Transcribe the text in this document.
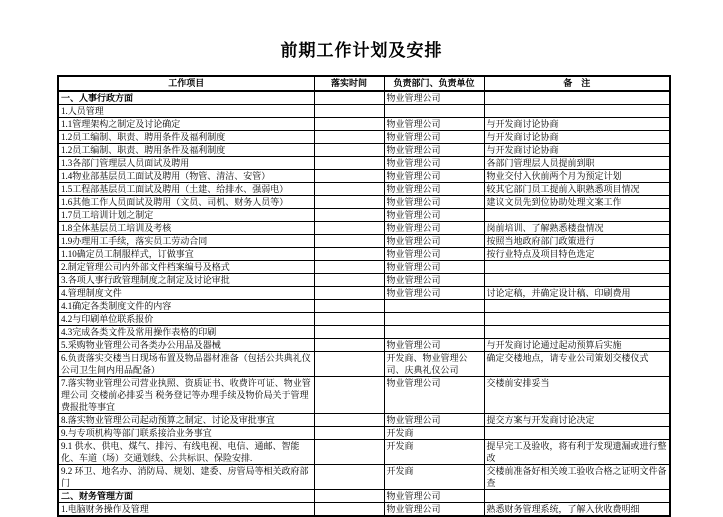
前期工作计划及安排
工作项目	落实时间	负责部门、负责单位	备　注
一、人事行政方面		物业管理公司	
1.人员管理			
1.1管理架构之制定及讨论确定		物业管理公司	与开发商讨论协商
1.2员工编制、职责、聘用条件及福利制度		物业管理公司	与开发商讨论协商
1.2员工编制、职责、聘用条件及福利制度		物业管理公司	与开发商讨论协商
1.3各部门管理层人员面试及聘用		物业管理公司	各部门管理层人员提前到职
1.4物业部基层员工面试及聘用（物管、清洁、安管）		物业管理公司	物业交付入伙前两个月为预定计划
1.5工程部基层员工面试及聘用（土建、给排水、强弱电）		物业管理公司	较其它部门员工提前入职熟悉项目情况
1.6其他工作人员面试及聘用（文员、司机、财务人员等）		物业管理公司	建议文员先到位协助处理文案工作
1.7员工培训计划之制定		物业管理公司	
1.8全体基层员工培训及考核		物业管理公司	岗前培训、了解熟悉楼盘情况
1.9办理用工手续，落实员工劳动合同		物业管理公司	按照当地政府部门政策进行
1.10确定员工制服样式，订做事宜		物业管理公司	按行业特点及项目特色选定
2.制定管理公司内外部文件档案编号及格式		物业管理公司	
3.各项人事行政管理制度之制定及讨论审批		物业管理公司	
4.管理制度文件		物业管理公司	讨论定稿，并确定设计稿、印刷费用
4.1确定各类制度文件的内容			
4.2与印刷单位联系报价			
4.3完成各类文件及常用操作表格的印刷			
5.采购物业管理公司各类办公用品及器械		物业管理公司	与开发商讨论通过起动预算后实施
6.负责落实交楼当日现场布置及物品器材准备（包括公共典礼仪公司卫生间内用品配备）		开发商、物业管理公司、庆典礼仪公司	确定交楼地点，请专业公司策划交楼仪式
7.落实物业管理公司营业执照、资质证书、收费许可证、物业管理公司 交楼前必排妥当 税务登记等办理手续及物价局关于管理费报批等事宜		物业管理公司	交楼前安排妥当
8.落实物业管理公司起动预算之制定、讨论及审批事宜		物业管理公司	提交方案与开发商讨论决定
9.与专项机构等部门联系接洽业务事宜		开发商	
9.1 供水、供电、煤气、排污、有线电视、电信、通邮、智能化、车道（场）交通划线、公共标识、保险安排.		开发商	提早完工及验收，将有利于发现遗漏或进行整改
9.2 环卫、地名办、消防局、规划、建委、房管局等相关政府部门		开发商	交楼前准备好相关竣工验收合格之证明文件备查
二、财务管理方面		物业管理公司	
1.电脑财务操作及管理		物业管理公司	熟悉财务管理系统，了解入伙收费明细
